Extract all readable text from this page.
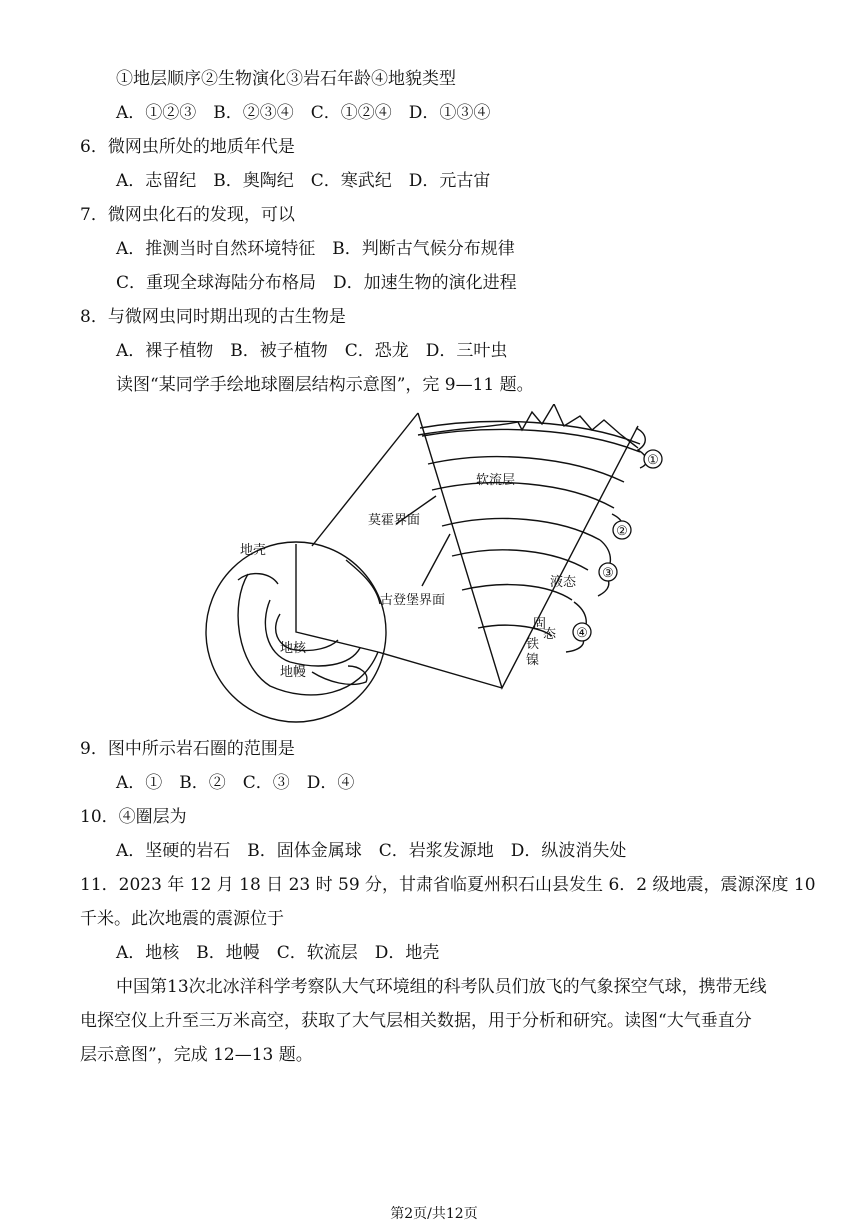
①地层顺序②生物演化③岩石年龄④地貌类型
A．①②③　B．②③④　C．①②④　D．①③④
6．微网虫所处的地质年代是
A．志留纪　B．奥陶纪　C．寒武纪　D．元古宙
7．微网虫化石的发现，可以
A．推测当时自然环境特征　B．判断古气候分布规律
C．重现全球海陆分布格局　D．加速生物的演化进程
8．与微网虫同时期出现的古生物是
A．裸子植物　B．被子植物　C．恐龙　D．三叶虫
读图“某同学手绘地球圈层结构示意图”，完 9—11 题。
①
②
③
④
地壳
地核
地幔
软流层
莫霍界面
古登堡界面
液态
固
态
铁
镍
9．图中所示岩石圈的范围是
A．①　B．②　C．③　D．④
10．④圈层为
A．坚硬的岩石　B．固体金属球　C．岩浆发源地　D．纵波消失处
11．2023 年 12 月 18 日 23 时 59 分，甘肃省临夏州积石山县发生 6．2 级地震，震源深度 10
千米。此次地震的震源位于
A．地核　B．地幔　C．软流层　D．地壳
中国第13次北冰洋科学考察队大气环境组的科考队员们放飞的气象探空气球，携带无线
电探空仪上升至三万米高空，获取了大气层相关数据，用于分析和研究。读图“大气垂直分
层示意图”，完成 12—13 题。
第2页/共12页
